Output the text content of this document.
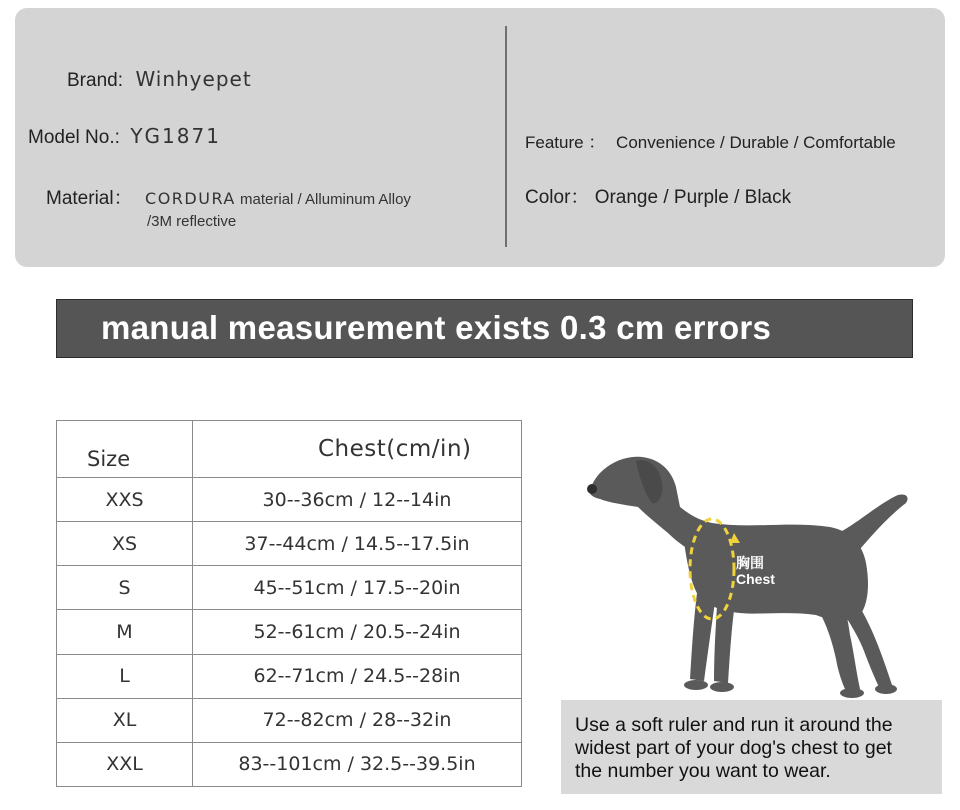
Brand: Winhyepet
Model No.: YG1871
Material： CORDURA material / Alluminum Alloy
/3M reflective
Feature ： Convenience / Durable / Comfortable
Color： Orange / Purple / Black
manual measurement exists 0.3 cm errors
Size	Chest(cm/in)
XXS	30--36cm / 12--14in
XS	37--44cm / 14.5--17.5in
S	45--51cm / 17.5--20in
M	52--61cm / 20.5--24in
L	62--71cm / 24.5--28in
XL	72--82cm / 28--32in
XXL	83--101cm / 32.5--39.5in
胸围
Chest
Use a soft ruler and run it around the
widest part of your dog's chest to get
the number you want to wear.
